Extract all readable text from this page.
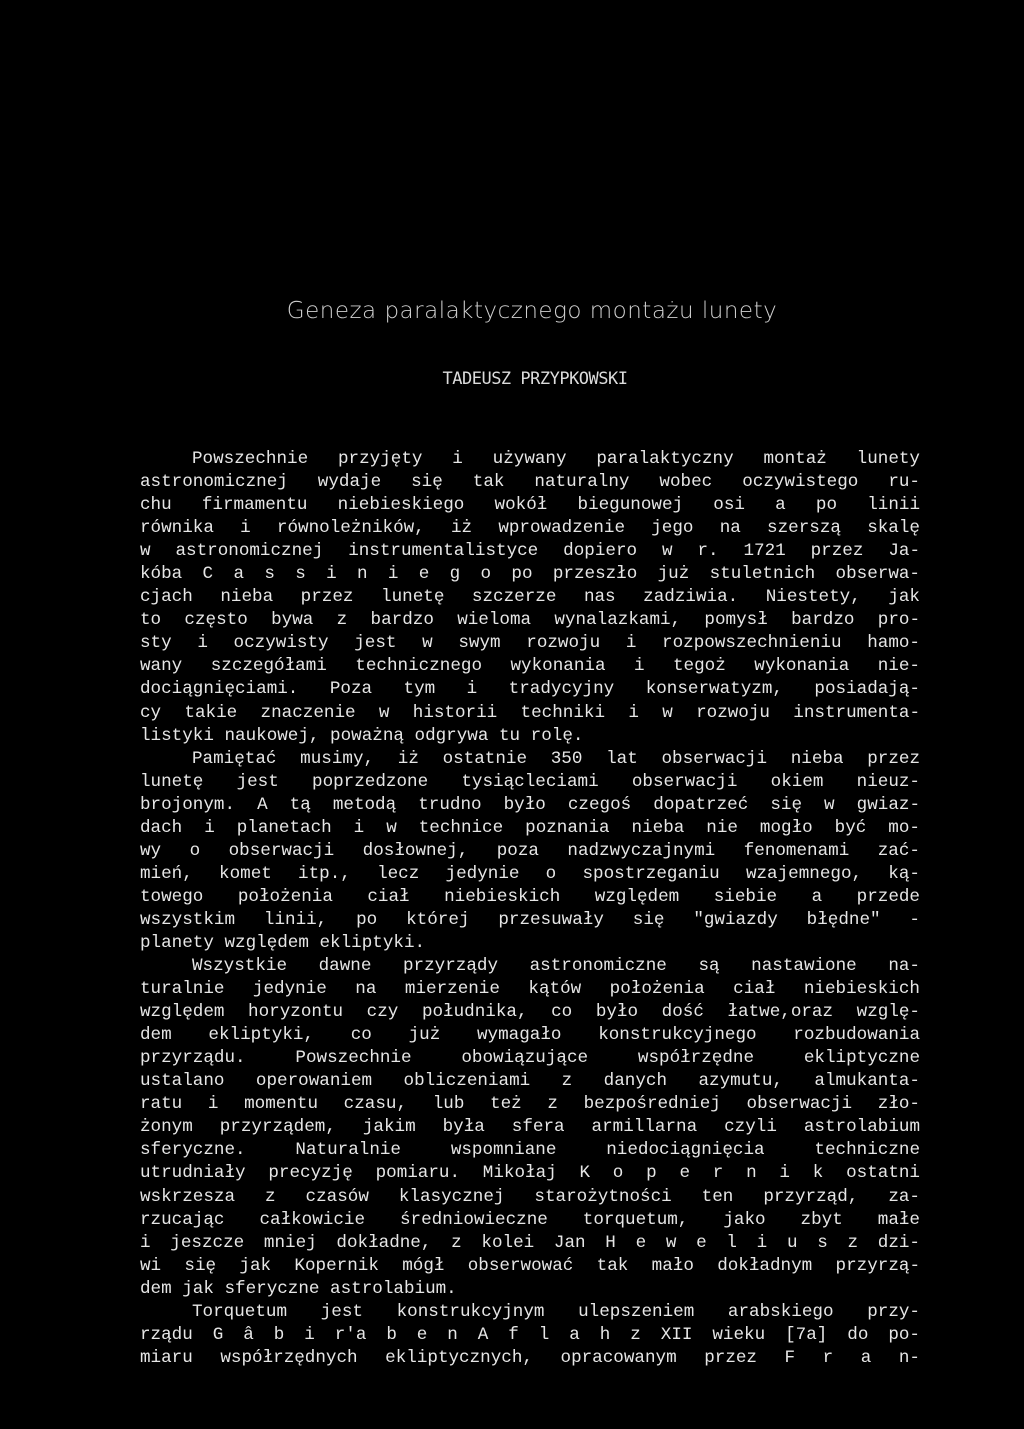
Geneza paralaktycznego montażu lunety
TADEUSZ PRZYPKOWSKI
Powszechnie przyjęty i używany paralaktyczny montaż lunety
astronomicznej wydaje się tak naturalny wobec oczywistego ru-
chu firmamentu niebieskiego wokół biegunowej osi a po linii
równika i równoleżników, iż wprowadzenie jego na szerszą skalę
w astronomicznej instrumentalistyce dopiero w r. 1721 przez Ja-
kóba C a s s i n i e g o po przeszło już stuletnich obserwa-
cjach nieba przez lunetę szczerze nas zadziwia. Niestety, jak
to często bywa z bardzo wieloma wynalazkami, pomysł bardzo pro-
sty i oczywisty jest w swym rozwoju i rozpowszechnieniu hamo-
wany szczegółami technicznego wykonania i tegoż wykonania nie-
dociągnięciami. Poza tym i tradycyjny konserwatyzm, posiadają-
cy takie znaczenie w historii techniki i w rozwoju instrumenta-
listyki naukowej, poważną odgrywa tu rolę.
Pamiętać musimy, iż ostatnie 350 lat obserwacji nieba przez
lunetę jest poprzedzone tysiącleciami obserwacji okiem nieuz-
brojonym. A tą metodą trudno było czegoś dopatrzeć się w gwiaz-
dach i planetach i w technice poznania nieba nie mogło być mo-
wy o obserwacji dosłownej, poza nadzwyczajnymi fenomenami zać-
mień, komet itp., lecz jedynie o spostrzeganiu wzajemnego, ką-
towego położenia ciał niebieskich względem siebie a przede
wszystkim linii, po której przesuwały się "gwiazdy błędne" -
planety względem ekliptyki.
Wszystkie dawne przyrządy astronomiczne są nastawione na-
turalnie jedynie na mierzenie kątów położenia ciał niebieskich
względem horyzontu czy południka, co było dość łatwe,oraz wzglę-
dem ekliptyki, co już wymagało konstrukcyjnego rozbudowania
przyrządu. Powszechnie obowiązujące współrzędne ekliptyczne
ustalano operowaniem obliczeniami z danych azymutu, almukanta-
ratu i momentu czasu, lub też z bezpośredniej obserwacji zło-
żonym przyrządem, jakim była sfera armillarna czyli astrolabium
sferyczne. Naturalnie wspomniane niedociągnięcia techniczne
utrudniały precyzję pomiaru. Mikołaj K o p e r n i k ostatni
wskrzesza z czasów klasycznej starożytności ten przyrząd, za-
rzucając całkowicie średniowieczne torquetum, jako zbyt małe
i jeszcze mniej dokładne, z kolei Jan H e w e l i u s z dzi-
wi się jak Kopernik mógł obserwować tak mało dokładnym przyrzą-
dem jak sferyczne astrolabium.
Torquetum jest konstrukcyjnym ulepszeniem arabskiego przy-
rządu G â b i r'a b e n A f l a h z XII wieku [7a] do po-
miaru współrzędnych ekliptycznych, opracowanym przez F r a n-
